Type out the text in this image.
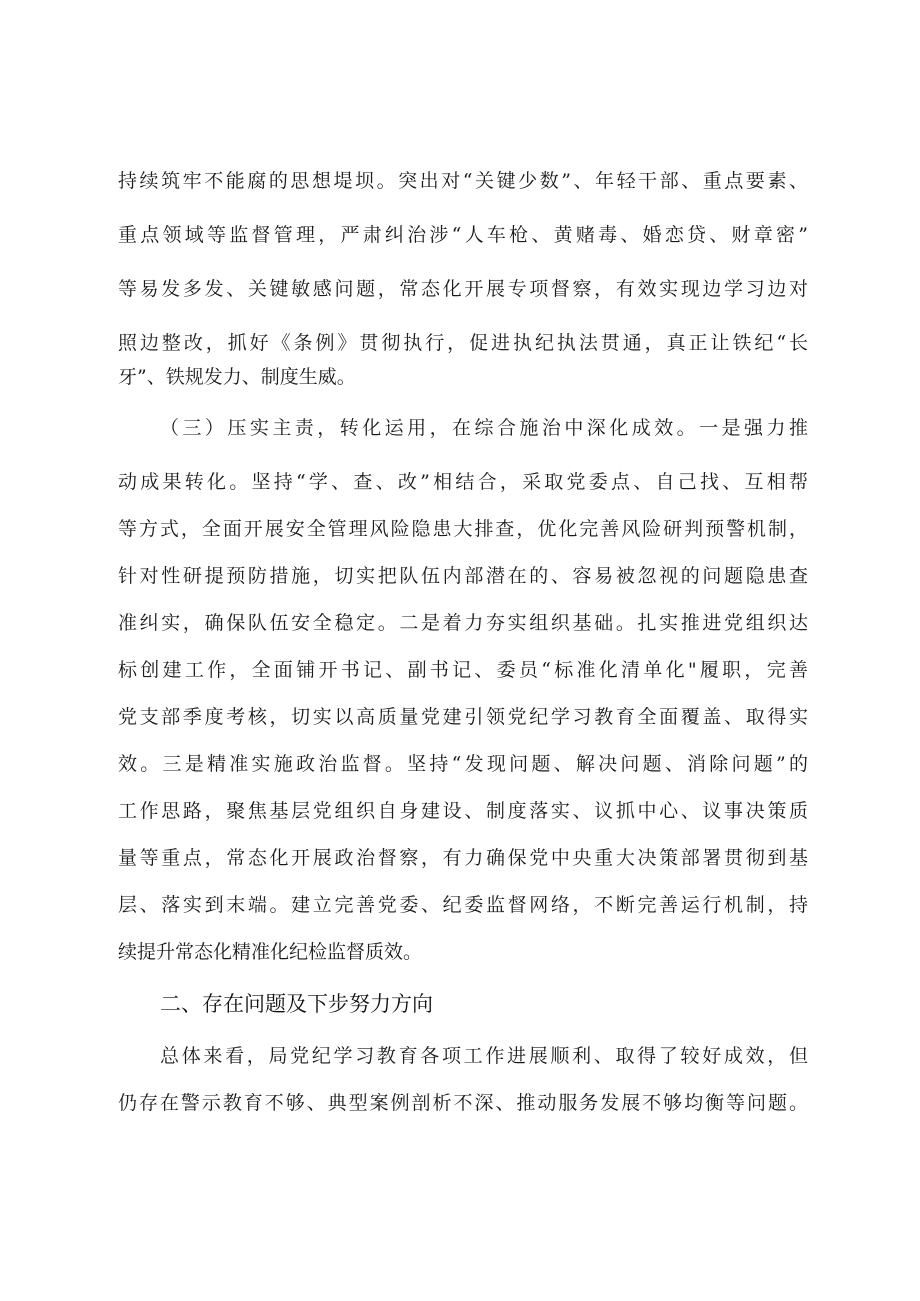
持续筑牢不能腐的思想堤坝。突出对“关键少数”、年轻干部、重点要素、
重点领域等监督管理，严肃纠治涉“人车枪、黄赌毒、婚恋贷、财章密”
等易发多发、关键敏感问题，常态化开展专项督察，有效实现边学习边对
照边整改，抓好《条例》贯彻执行，促进执纪执法贯通，真正让铁纪“长
牙”、铁规发力、制度生威。
（三）压实主责，转化运用，在综合施治中深化成效。一是强力推
动成果转化。坚持“学、查、改”相结合，采取党委点、自己找、互相帮
等方式，全面开展安全管理风险隐患大排查，优化完善风险研判预警机制，
针对性研提预防措施，切实把队伍内部潜在的、容易被忽视的问题隐患查
准纠实，确保队伍安全稳定。二是着力夯实组织基础。扎实推进党组织达
标创建工作，全面铺开书记、副书记、委员“标准化清单化"履职，完善
党支部季度考核，切实以高质量党建引领党纪学习教育全面覆盖、取得实
效。三是精准实施政治监督。坚持“发现问题、解决问题、消除问题”的
工作思路，聚焦基层党组织自身建设、制度落实、议抓中心、议事决策质
量等重点，常态化开展政治督察，有力确保党中央重大决策部署贯彻到基
层、落实到末端。建立完善党委、纪委监督网络，不断完善运行机制，持
续提升常态化精准化纪检监督质效。
二、存在问题及下步努力方向
总体来看，局党纪学习教育各项工作进展顺利、取得了较好成效，但
仍存在警示教育不够、典型案例剖析不深、推动服务发展不够均衡等问题。
